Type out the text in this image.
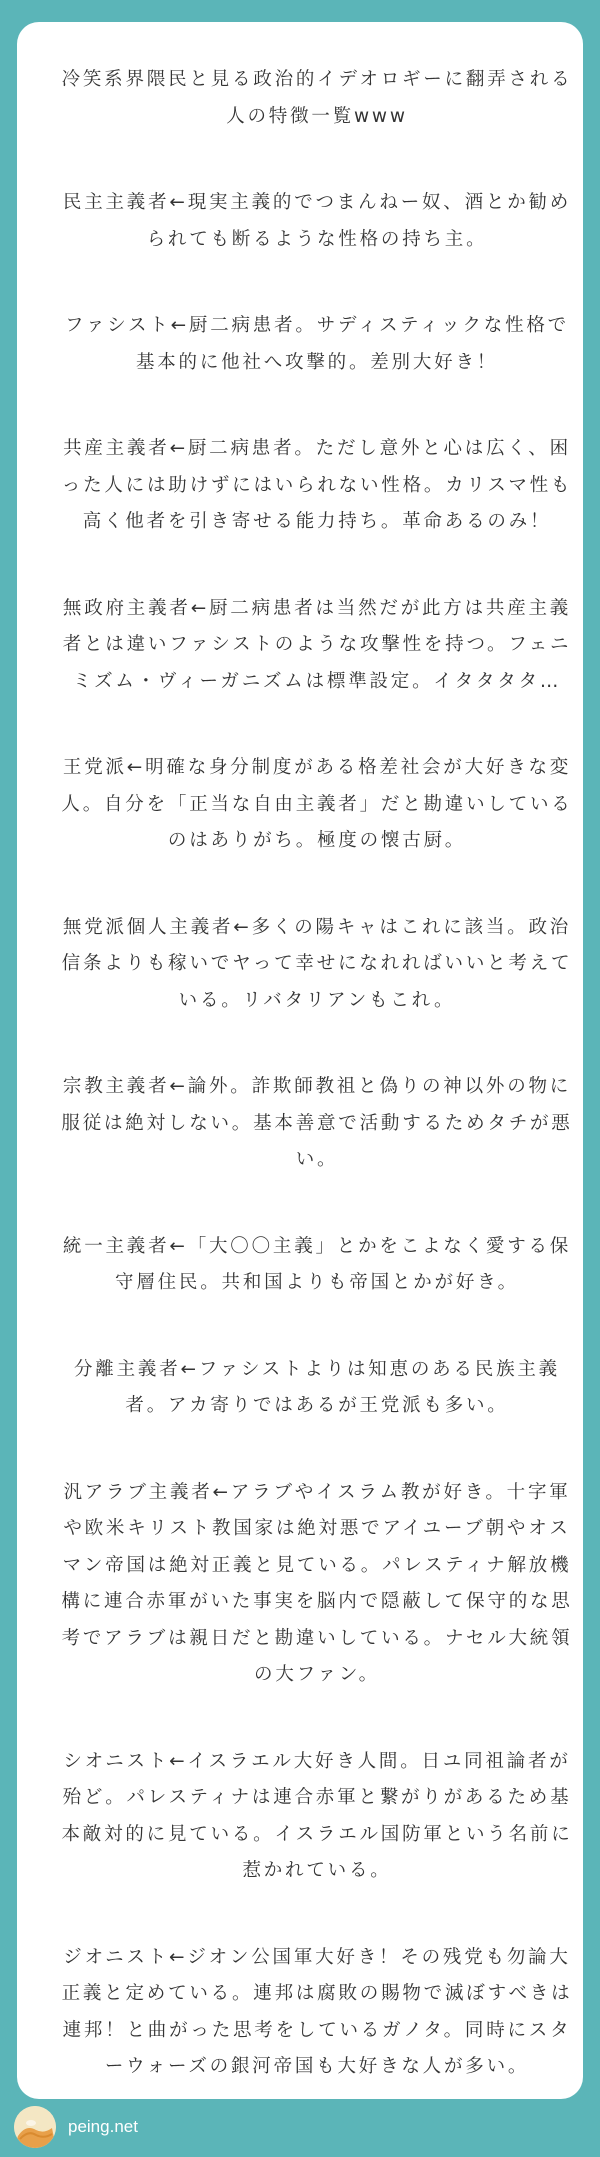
冷笑系界隈民と見る政治的イデオロギーに翻弄される人の特徴一覧www

民主主義者←現実主義的でつまんねー奴、酒とか勧められても断るような性格の持ち主。

ファシスト←厨二病患者。サディスティックな性格で基本的に他社へ攻撃的。差別大好き！

共産主義者←厨二病患者。ただし意外と心は広く、困った人には助けずにはいられない性格。カリスマ性も高く他者を引き寄せる能力持ち。革命あるのみ！

無政府主義者←厨二病患者は当然だが此方は共産主義者とは違いファシストのような攻撃性を持つ。フェニミズム・ヴィーガニズムは標準設定。イタタタタ…

王党派←明確な身分制度がある格差社会が大好きな変人。自分を「正当な自由主義者」だと勘違いしているのはありがち。極度の懐古厨。

無党派個人主義者←多くの陽キャはこれに該当。政治信条よりも稼いでヤって幸せになれればいいと考えている。リバタリアンもこれ。

宗教主義者←論外。詐欺師教祖と偽りの神以外の物に服従は絶対しない。基本善意で活動するためタチが悪い。

統一主義者←「大〇〇主義」とかをこよなく愛する保守層住民。共和国よりも帝国とかが好き。

分離主義者←ファシストよりは知恵のある民族主義者。アカ寄りではあるが王党派も多い。

汎アラブ主義者←アラブやイスラム教が好き。十字軍や欧米キリスト教国家は絶対悪でアイユーブ朝やオスマン帝国は絶対正義と見ている。パレスティナ解放機構に連合赤軍がいた事実を脳内で隠蔽して保守的な思考でアラブは親日だと勘違いしている。ナセル大統領の大ファン。

シオニスト←イスラエル大好き人間。日ユ同祖論者が殆ど。パレスティナは連合赤軍と繋がりがあるため基本敵対的に見ている。イスラエル国防軍という名前に惹かれている。

ジオニスト←ジオン公国軍大好き！その残党も勿論大正義と定めている。連邦は腐敗の賜物で滅ぼすべきは連邦！と曲がった思考をしているガノタ。同時にスターウォーズの銀河帝国も大好きな人が多い。

peing.net
